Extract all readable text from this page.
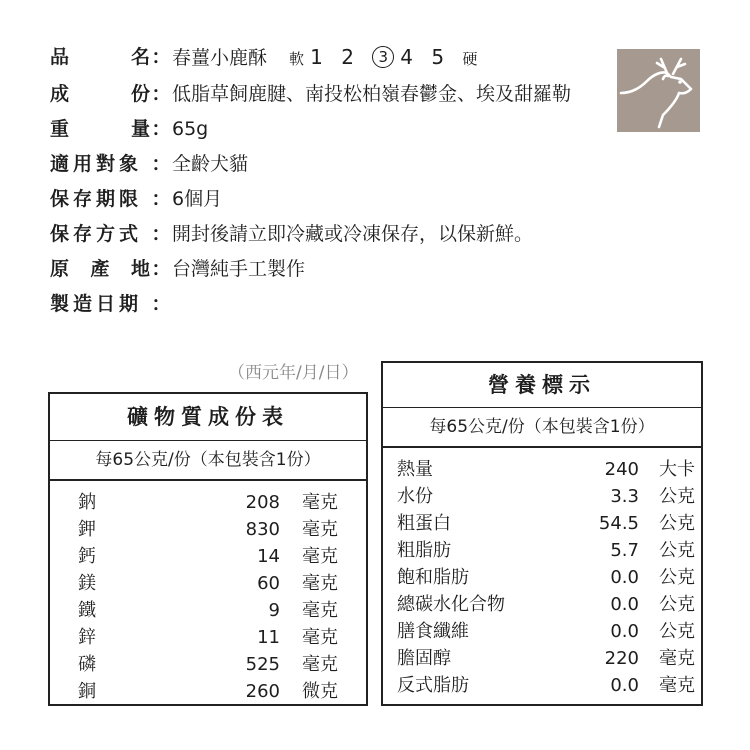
品	名 ： 春薑小鹿酥 軟 1 2 3 4 5 硬
成	份 ： 低脂草飼鹿腱、南投松柏嶺春鬱金、埃及甜羅勒
重	量 ： 65g
適用對象 ： 全齡犬貓
保存期限 ： 6個月
保存方式 ： 開封後請立即冷藏或冷凍保存，以保新鮮。
原 產 地 ： 台灣純手工製作
製造日期 ：
（西元年/月/日）
礦物質成份表
每65公克/份（本包裝含1份）
鈉	208	毫克
鉀	830	毫克
鈣	14	毫克
鎂	60	毫克
鐵	9	毫克
鋅	11	毫克
磷	525	毫克
銅	260	微克
營養標示
每65公克/份（本包裝含1份）
熱量	240	大卡
水份	3.3	公克
粗蛋白	54.5	公克
粗脂肪	5.7	公克
飽和脂肪	0.0	公克
總碳水化合物	0.0	公克
膳食纖維	0.0	公克
膽固醇	220	毫克
反式脂肪	0.0	毫克
